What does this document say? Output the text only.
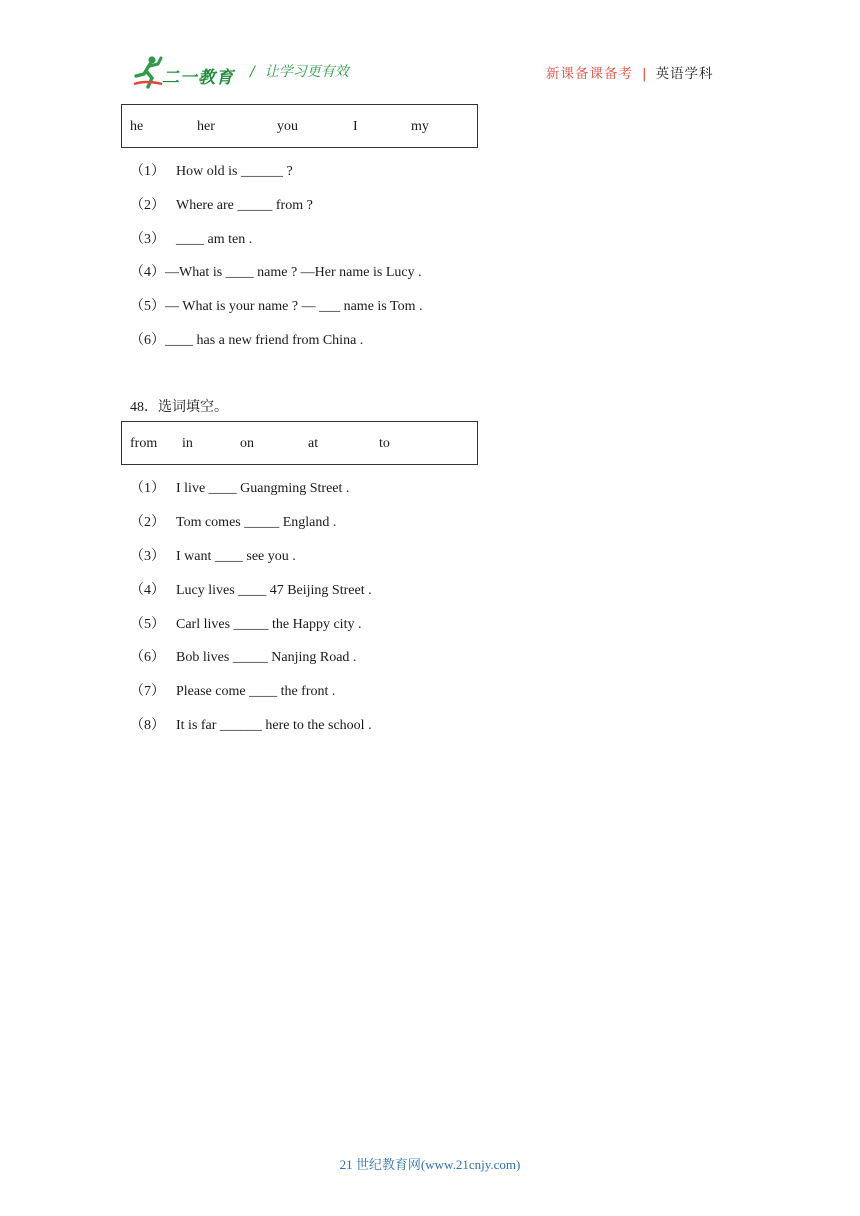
二一教育 / 让学习更有效	新课备课备考 | 英语学科
he	her	you	I	my
（1） How old is ______ ?
（2） Where are _____ from ?
（3） ____ am ten .
（4）—What is ____ name ? —Her name is Lucy .
（5）— What is your name ? — ___ name is Tom .
（6）____ has a new friend from China .
48．选词填空。
from in	on	at	to
（1） I live ____ Guangming Street .
（2） Tom comes _____ England .
（3） I want ____ see you .
（4） Lucy lives ____ 47 Beijing Street .
（5） Carl lives _____ the Happy city .
（6） Bob lives _____ Nanjing Road .
（7） Please come ____ the front .
（8） It is far ______ here to the school .
21 世纪教育网(www.21cnjy.com)
